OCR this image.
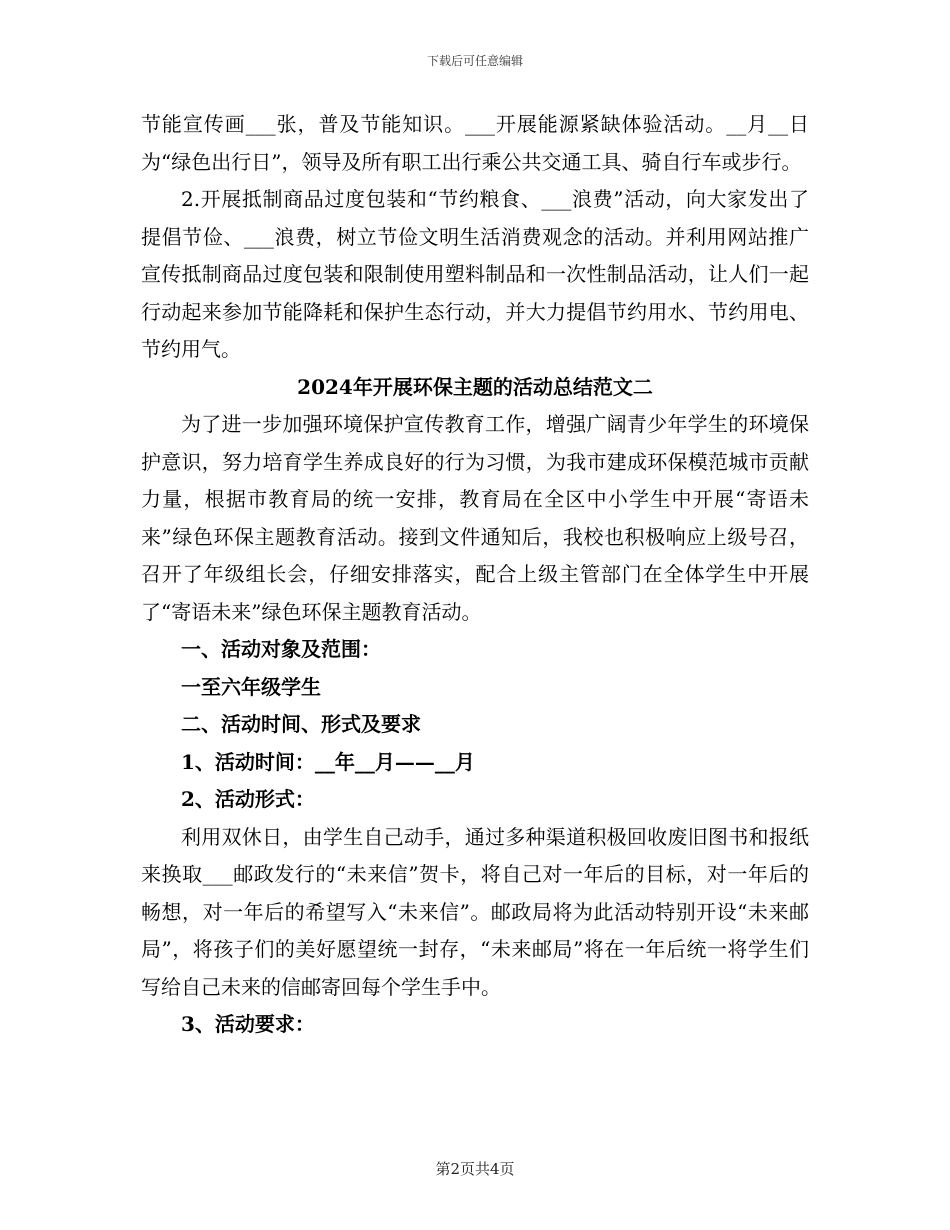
下载后可任意编辑

节能宣传画___张，普及节能知识。___开展能源紧缺体验活动。__月__日为“绿色出行日”，领导及所有职工出行乘公共交通工具、骑自行车或步行。

2.开展抵制商品过度包装和“节约粮食、___浪费”活动，向大家发出了提倡节俭、___浪费，树立节俭文明生活消费观念的活动。并利用网站推广宣传抵制商品过度包装和限制使用塑料制品和一次性制品活动，让人们一起行动起来参加节能降耗和保护生态行动，并大力提倡节约用水、节约用电、节约用气。

2024年开展环保主题的活动总结范文二

为了进一步加强环境保护宣传教育工作，增强广阔青少年学生的环境保护意识，努力培育学生养成良好的行为习惯，为我市建成环保模范城市贡献力量，根据市教育局的统一安排，教育局在全区中小学生中开展“寄语未来”绿色环保主题教育活动。接到文件通知后，我校也积极响应上级号召，召开了年级组长会，仔细安排落实，配合上级主管部门在全体学生中开展了“寄语未来”绿色环保主题教育活动。

一、活动对象及范围：

一至六年级学生

二、活动时间、形式及要求

1、活动时间：__年__月——__月

2、活动形式：

利用双休日，由学生自己动手，通过多种渠道积极回收废旧图书和报纸来换取___邮政发行的“未来信”贺卡，将自己对一年后的目标，对一年后的畅想，对一年后的希望写入“未来信”。邮政局将为此活动特别开设“未来邮局”，将孩子们的美好愿望统一封存，“未来邮局”将在一年后统一将学生们写给自己未来的信邮寄回每个学生手中。

3、活动要求：

第2页共4页
